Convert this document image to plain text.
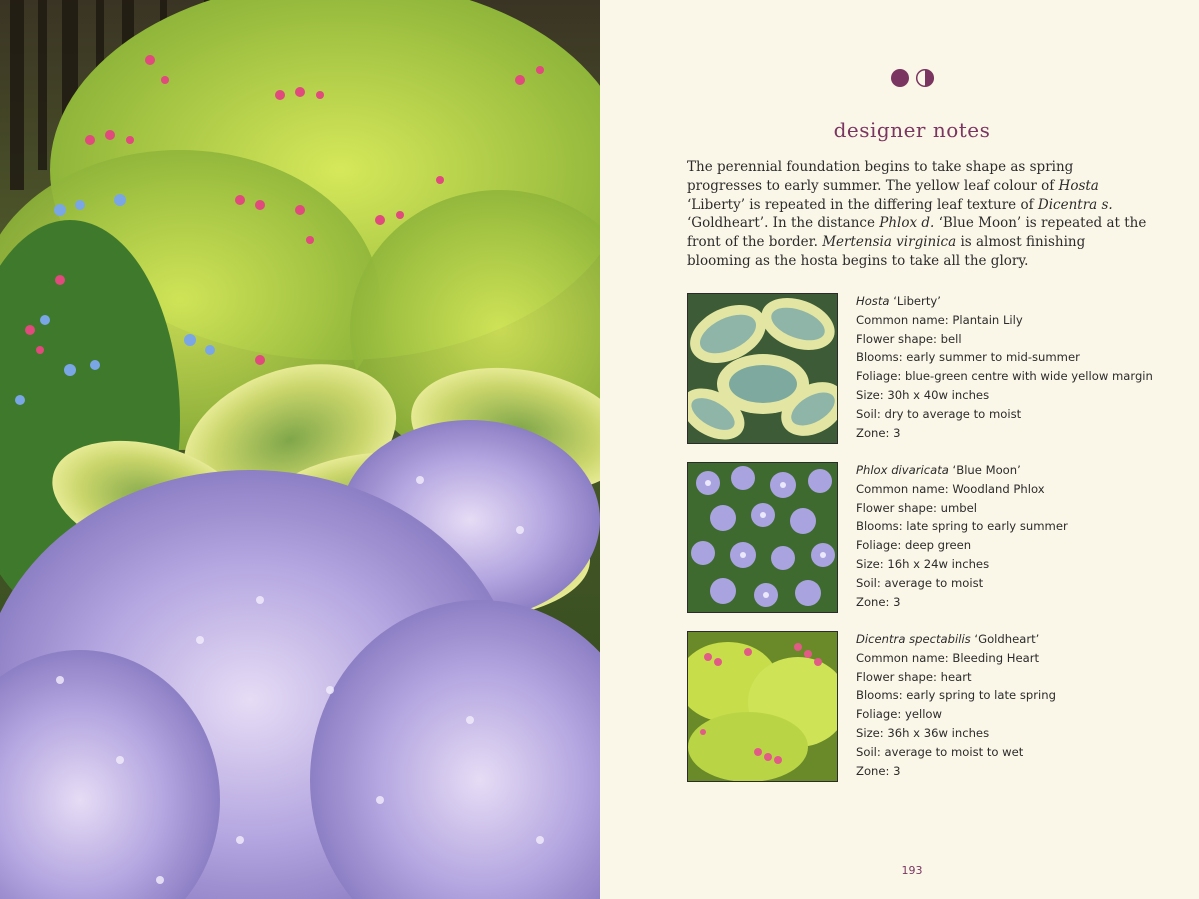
designer notes
The perennial foundation begins to take shape as spring progresses to early summer. The yellow leaf colour of Hosta ‘Liberty’ is repeated in the differing leaf texture of Dicentra s. ‘Goldheart’. In the distance Phlox d. ‘Blue Moon’ is repeated at the front of the border. Mertensia virginica is almost finishing blooming as the hosta begins to take all the glory.
Hosta ‘Liberty’
Common name: Plantain Lily
Flower shape: bell
Blooms: early summer to mid-summer
Foliage: blue-green centre with wide yellow margin
Size: 30h x 40w inches
Soil: dry to average to moist
Zone: 3
Phlox divaricata ‘Blue Moon’
Common name: Woodland Phlox
Flower shape: umbel
Blooms: late spring to early summer
Foliage: deep green
Size: 16h x 24w inches
Soil: average to moist
Zone: 3
Dicentra spectabilis ‘Goldheart’
Common name: Bleeding Heart
Flower shape: heart
Blooms: early spring to late spring
Foliage: yellow
Size: 36h x 36w inches
Soil: average to moist to wet
Zone: 3
193
